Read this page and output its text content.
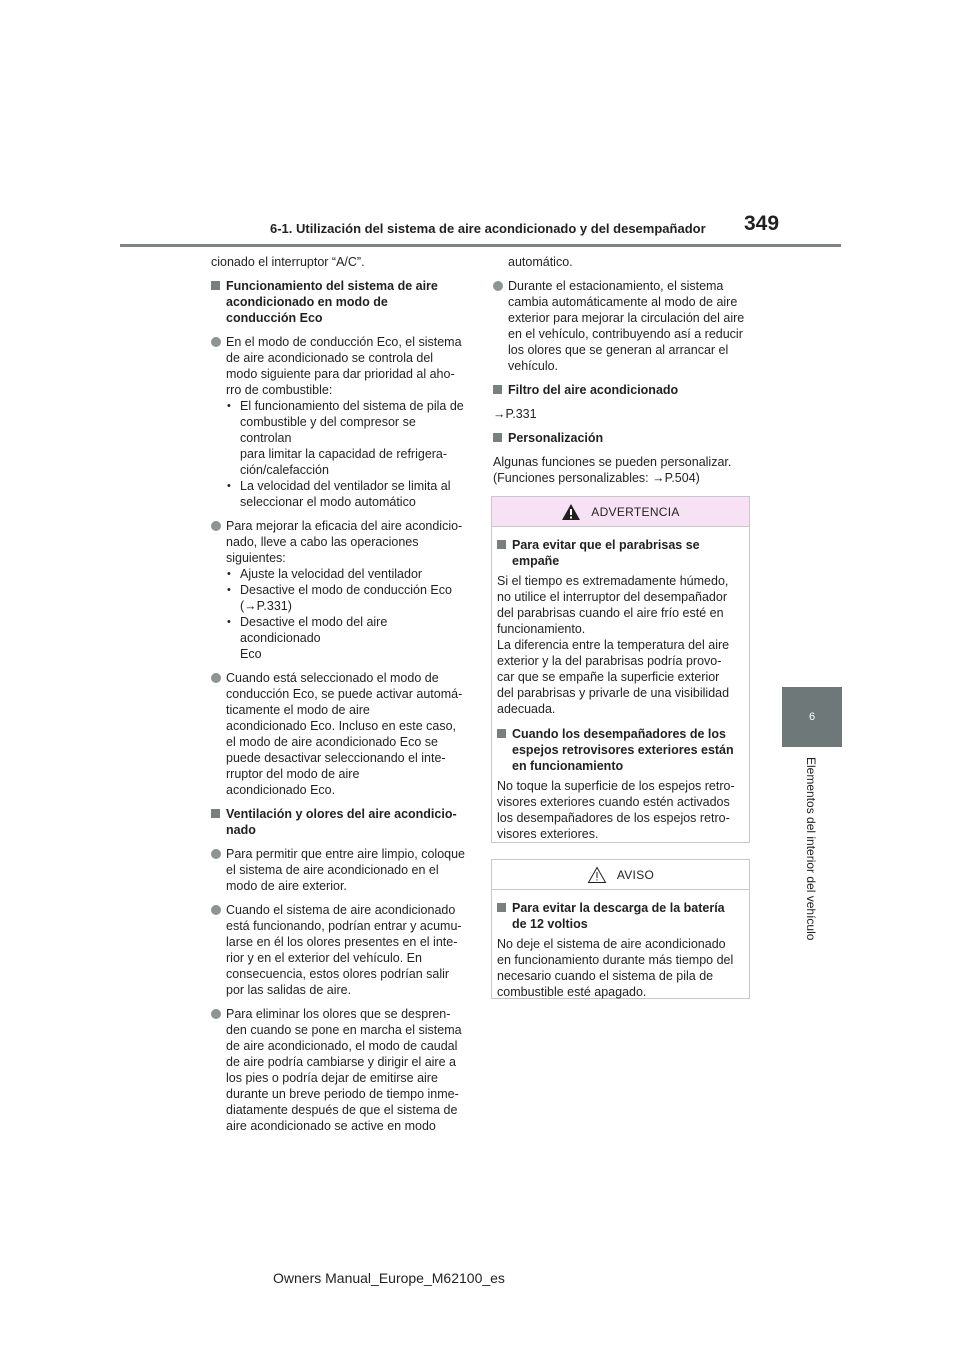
6-1. Utilización del sistema de aire acondicionado y del desempañador 349
6
Elementos del interior del vehículo

cionado el interruptor “A/C”.

Funcionamiento del sistema de aire
acondicionado en modo de
conducción Eco
En el modo de conducción Eco, el sistema
de aire acondicionado se controla del
modo siguiente para dar prioridad al aho-
rro de combustible:
• El funcionamiento del sistema de pila de
combustible y del compresor se controlan
para limitar la capacidad de refrigera-
ción/calefacción
• La velocidad del ventilador se limita al
seleccionar el modo automático
Para mejorar la eficacia del aire acondicio-
nado, lleve a cabo las operaciones
siguientes:
• Ajuste la velocidad del ventilador
• Desactive el modo de conducción Eco
(→P.331)
• Desactive el modo del aire acondicionado
Eco
Cuando está seleccionado el modo de
conducción Eco, se puede activar automá-
ticamente el modo de aire
acondicionado Eco. Incluso en este caso,
el modo de aire acondicionado Eco se
puede desactivar seleccionando el inte-
rruptor del modo de aire
acondicionado Eco.
Ventilación y olores del aire acondicio-
nado
Para permitir que entre aire limpio, coloque
el sistema de aire acondicionado en el
modo de aire exterior.
Cuando el sistema de aire acondicionado
está funcionando, podrían entrar y acumu-
larse en él los olores presentes en el inte-
rior y en el exterior del vehículo. En
consecuencia, estos olores podrían salir
por las salidas de aire.
Para eliminar los olores que se despren-
den cuando se pone en marcha el sistema
de aire acondicionado, el modo de caudal
de aire podría cambiarse y dirigir el aire a
los pies o podría dejar de emitirse aire
durante un breve periodo de tiempo inme-
diatamente después de que el sistema de
aire acondicionado se active en modo

automático.

Durante el estacionamiento, el sistema
cambia automáticamente al modo de aire
exterior para mejorar la circulación del aire
en el vehículo, contribuyendo así a reducir
los olores que se generan al arrancar el
vehículo.
Filtro del aire acondicionado

→P.331

Personalización

Algunas funciones se pueden personalizar.
(Funciones personalizables: →P.504)

ADVERTENCIA
Para evitar que el parabrisas se
empañe
Si el tiempo es extremadamente húmedo,
no utilice el interruptor del desempañador
del parabrisas cuando el aire frío esté en
funcionamiento.
La diferencia entre la temperatura del aire
exterior y la del parabrisas podría provo-
car que se empañe la superficie exterior
del parabrisas y privarle de una visibilidad
adecuada.
Cuando los desempañadores de los
espejos retrovisores exteriores están
en funcionamiento
No toque la superficie de los espejos retro-
visores exteriores cuando estén activados
los desempañadores de los espejos retro-
visores exteriores.
AVISO
Para evitar la descarga de la batería
de 12 voltios
No deje el sistema de aire acondicionado
en funcionamiento durante más tiempo del
necesario cuando el sistema de pila de
combustible esté apagado.
Owners Manual_Europe_M62100_es
